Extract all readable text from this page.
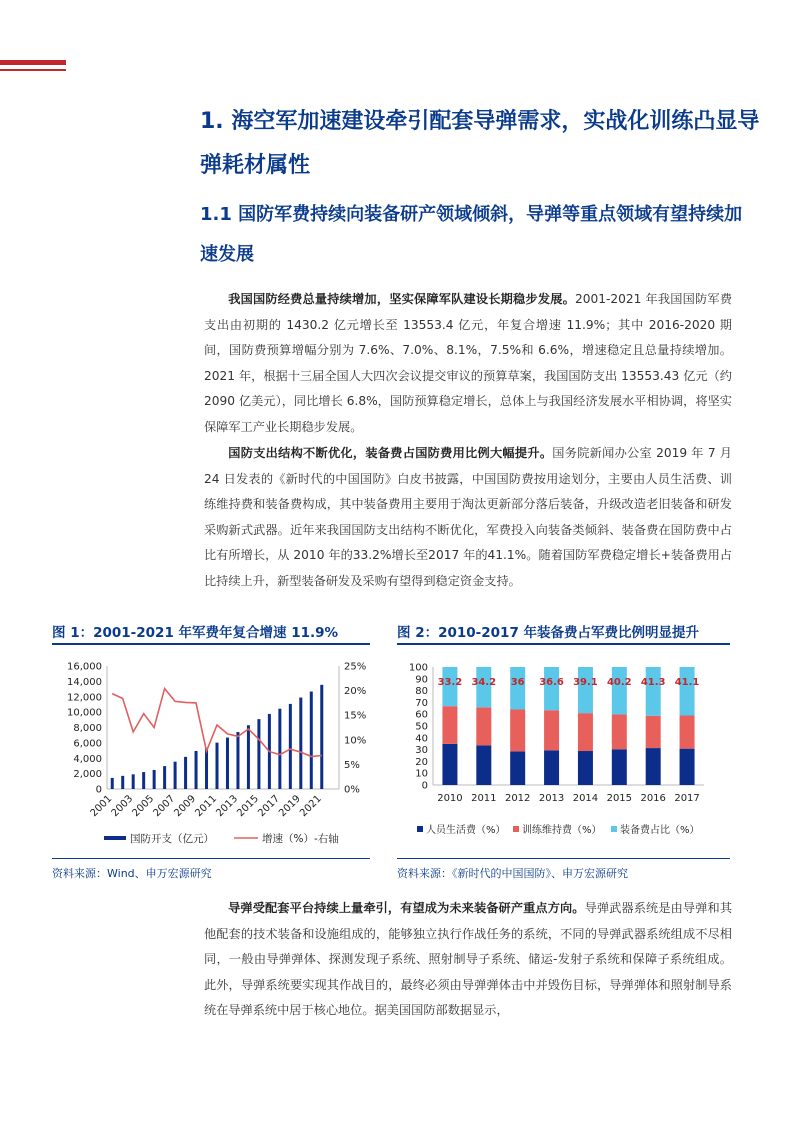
1. 海空军加速建设牵引配套导弹需求，实战化训练凸显导弹耗材属性
1.1 国防军费持续向装备研产领域倾斜，导弹等重点领域有望持续加速发展

我国国防经费总量持续增加，坚实保障军队建设长期稳步发展。2001-2021 年我国国防军费支出由初期的 1430.2 亿元增长至 13553.4 亿元，年复合增速 11.9%；其中 2016-2020 期间，国防费预算增幅分别为 7.6%、7.0%、8.1%，7.5%和 6.6%，增速稳定且总量持续增加。2021 年，根据十三届全国人大四次会议提交审议的预算草案，我国国防支出 13553.43 亿元（约 2090 亿美元），同比增长 6.8%，国防预算稳定增长，总体上与我国经济发展水平相协调，将坚实保障军工产业长期稳步发展。

国防支出结构不断优化，装备费占国防费用比例大幅提升。国务院新闻办公室 2019 年 7 月 24 日发表的《新时代的中国国防》白皮书披露，中国国防费按用途划分，主要由人员生活费、训练维持费和装备费构成，其中装备费用主要用于淘汰更新部分落后装备，升级改造老旧装备和研发采购新式武器。近年来我国国防支出结构不断优化，军费投入向装备类倾斜、装备费在国防费中占比有所增长，从 2010 年的33.2%增长至2017 年的41.1%。随着国防军费稳定增长+装备费用占比持续上升，新型装备研发及采购有望得到稳定资金支持。

图 1：2001-2021 年军费年复合增速 11.9%	图 2：2010-2017 年装备费占军费比例明显提升
16,000
14,000
12,000
10,000
8,000
6,000
4,000
2,000
0
25%
20%
15%
10%
5%
0%
2001
2003
2005
2007
2009
2011
2013
2015
2017
2019
2021
国防开支（亿元）	增速（%）-右轴
100
90
80
70
60
50
40
30
20
10
0
33.2
2010
34.2
2011
36
2012
36.6
2013
39.1
2014
40.2
2015
41.3
2016
41.1
2017
人员生活费（%） 训练维持费（%） 装备费占比（%）
资料来源：Wind、申万宏源研究	资料来源：《新时代的中国国防》、申万宏源研究

导弹受配套平台持续上量牵引，有望成为未来装备研产重点方向。导弹武器系统是由导弹和其他配套的技术装备和设施组成的，能够独立执行作战任务的系统，不同的导弹武器系统组成不尽相同，一般由导弹弹体、探测发现子系统、照射制导子系统、储运-发射子系统和保障子系统组成。此外，导弹系统要实现其作战目的，最终必须由导弹弹体击中并毁伤目标，导弹弹体和照射制导系统在导弹系统中居于核心地位。据美国国防部数据显示，
